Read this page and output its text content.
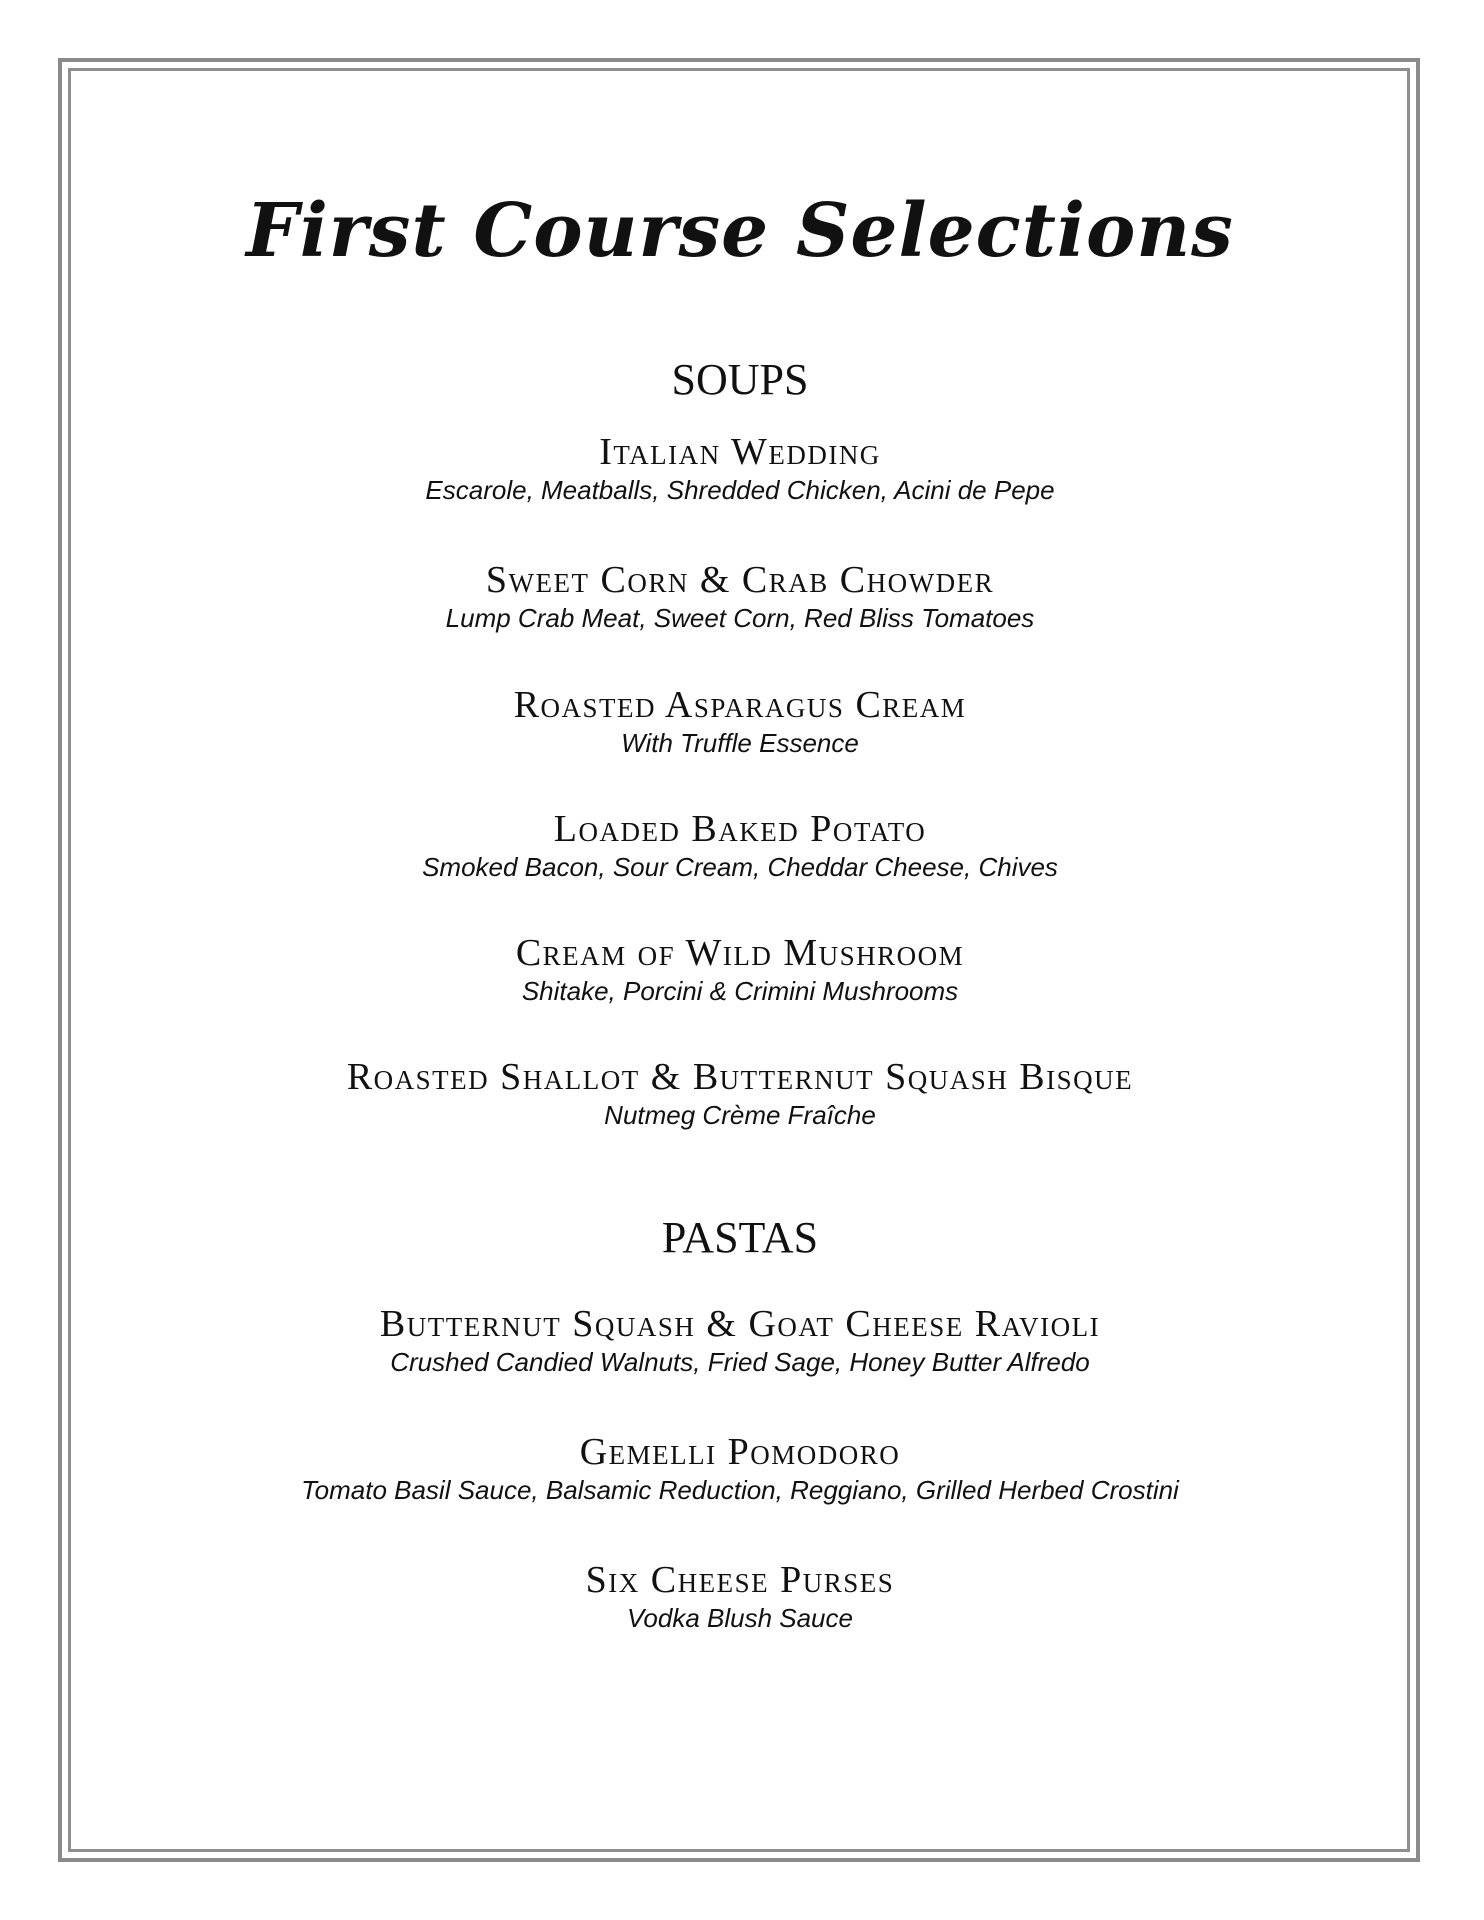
First Course Selections
SOUPS
Italian Wedding
Escarole, Meatballs, Shredded Chicken, Acini de Pepe
Sweet Corn & Crab Chowder
Lump Crab Meat, Sweet Corn, Red Bliss Tomatoes
Roasted Asparagus Cream
With Truffle Essence
Loaded Baked Potato
Smoked Bacon, Sour Cream, Cheddar Cheese, Chives
Cream of Wild Mushroom
Shitake, Porcini & Crimini Mushrooms
Roasted Shallot & Butternut Squash Bisque
Nutmeg Crème Fraîche
PASTAS
Butternut Squash & Goat Cheese Ravioli
Crushed Candied Walnuts, Fried Sage, Honey Butter Alfredo
Gemelli Pomodoro
Tomato Basil Sauce, Balsamic Reduction, Reggiano, Grilled Herbed Crostini
Six Cheese Purses
Vodka Blush Sauce
